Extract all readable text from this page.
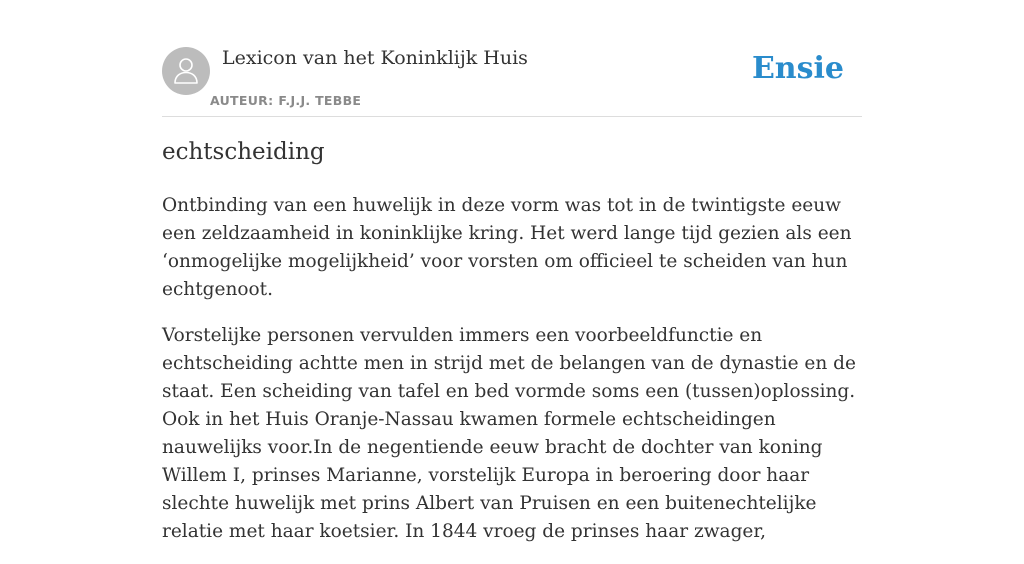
Lexicon van het Koninklijk Huis
AUTEUR: F.J.J. TEBBE
Ensie
echtscheiding

Ontbinding van een huwelijk in deze vorm was tot in de twintigste eeuw een zeldzaamheid in koninklijke kring. Het werd lange tijd gezien als een ‘onmogelijke mogelijkheid’ voor vorsten om officieel te scheiden van hun echtgenoot.

Vorstelijke personen vervulden immers een voorbeeldfunctie en echtscheiding achtte men in strijd met de belangen van de dynastie en de staat. Een scheiding van tafel en bed vormde soms een (tussen)oplossing. Ook in het Huis Oranje-Nassau kwamen formele echtscheidingen nauwelijks voor.In de negentiende eeuw bracht de dochter van koning Willem I, prinses Marianne, vorstelijk Europa in beroering door haar slechte huwelijk met prins Albert van Pruisen en een buitenechtelijke relatie met haar koetsier. In 1844 vroeg de prinses haar zwager,
